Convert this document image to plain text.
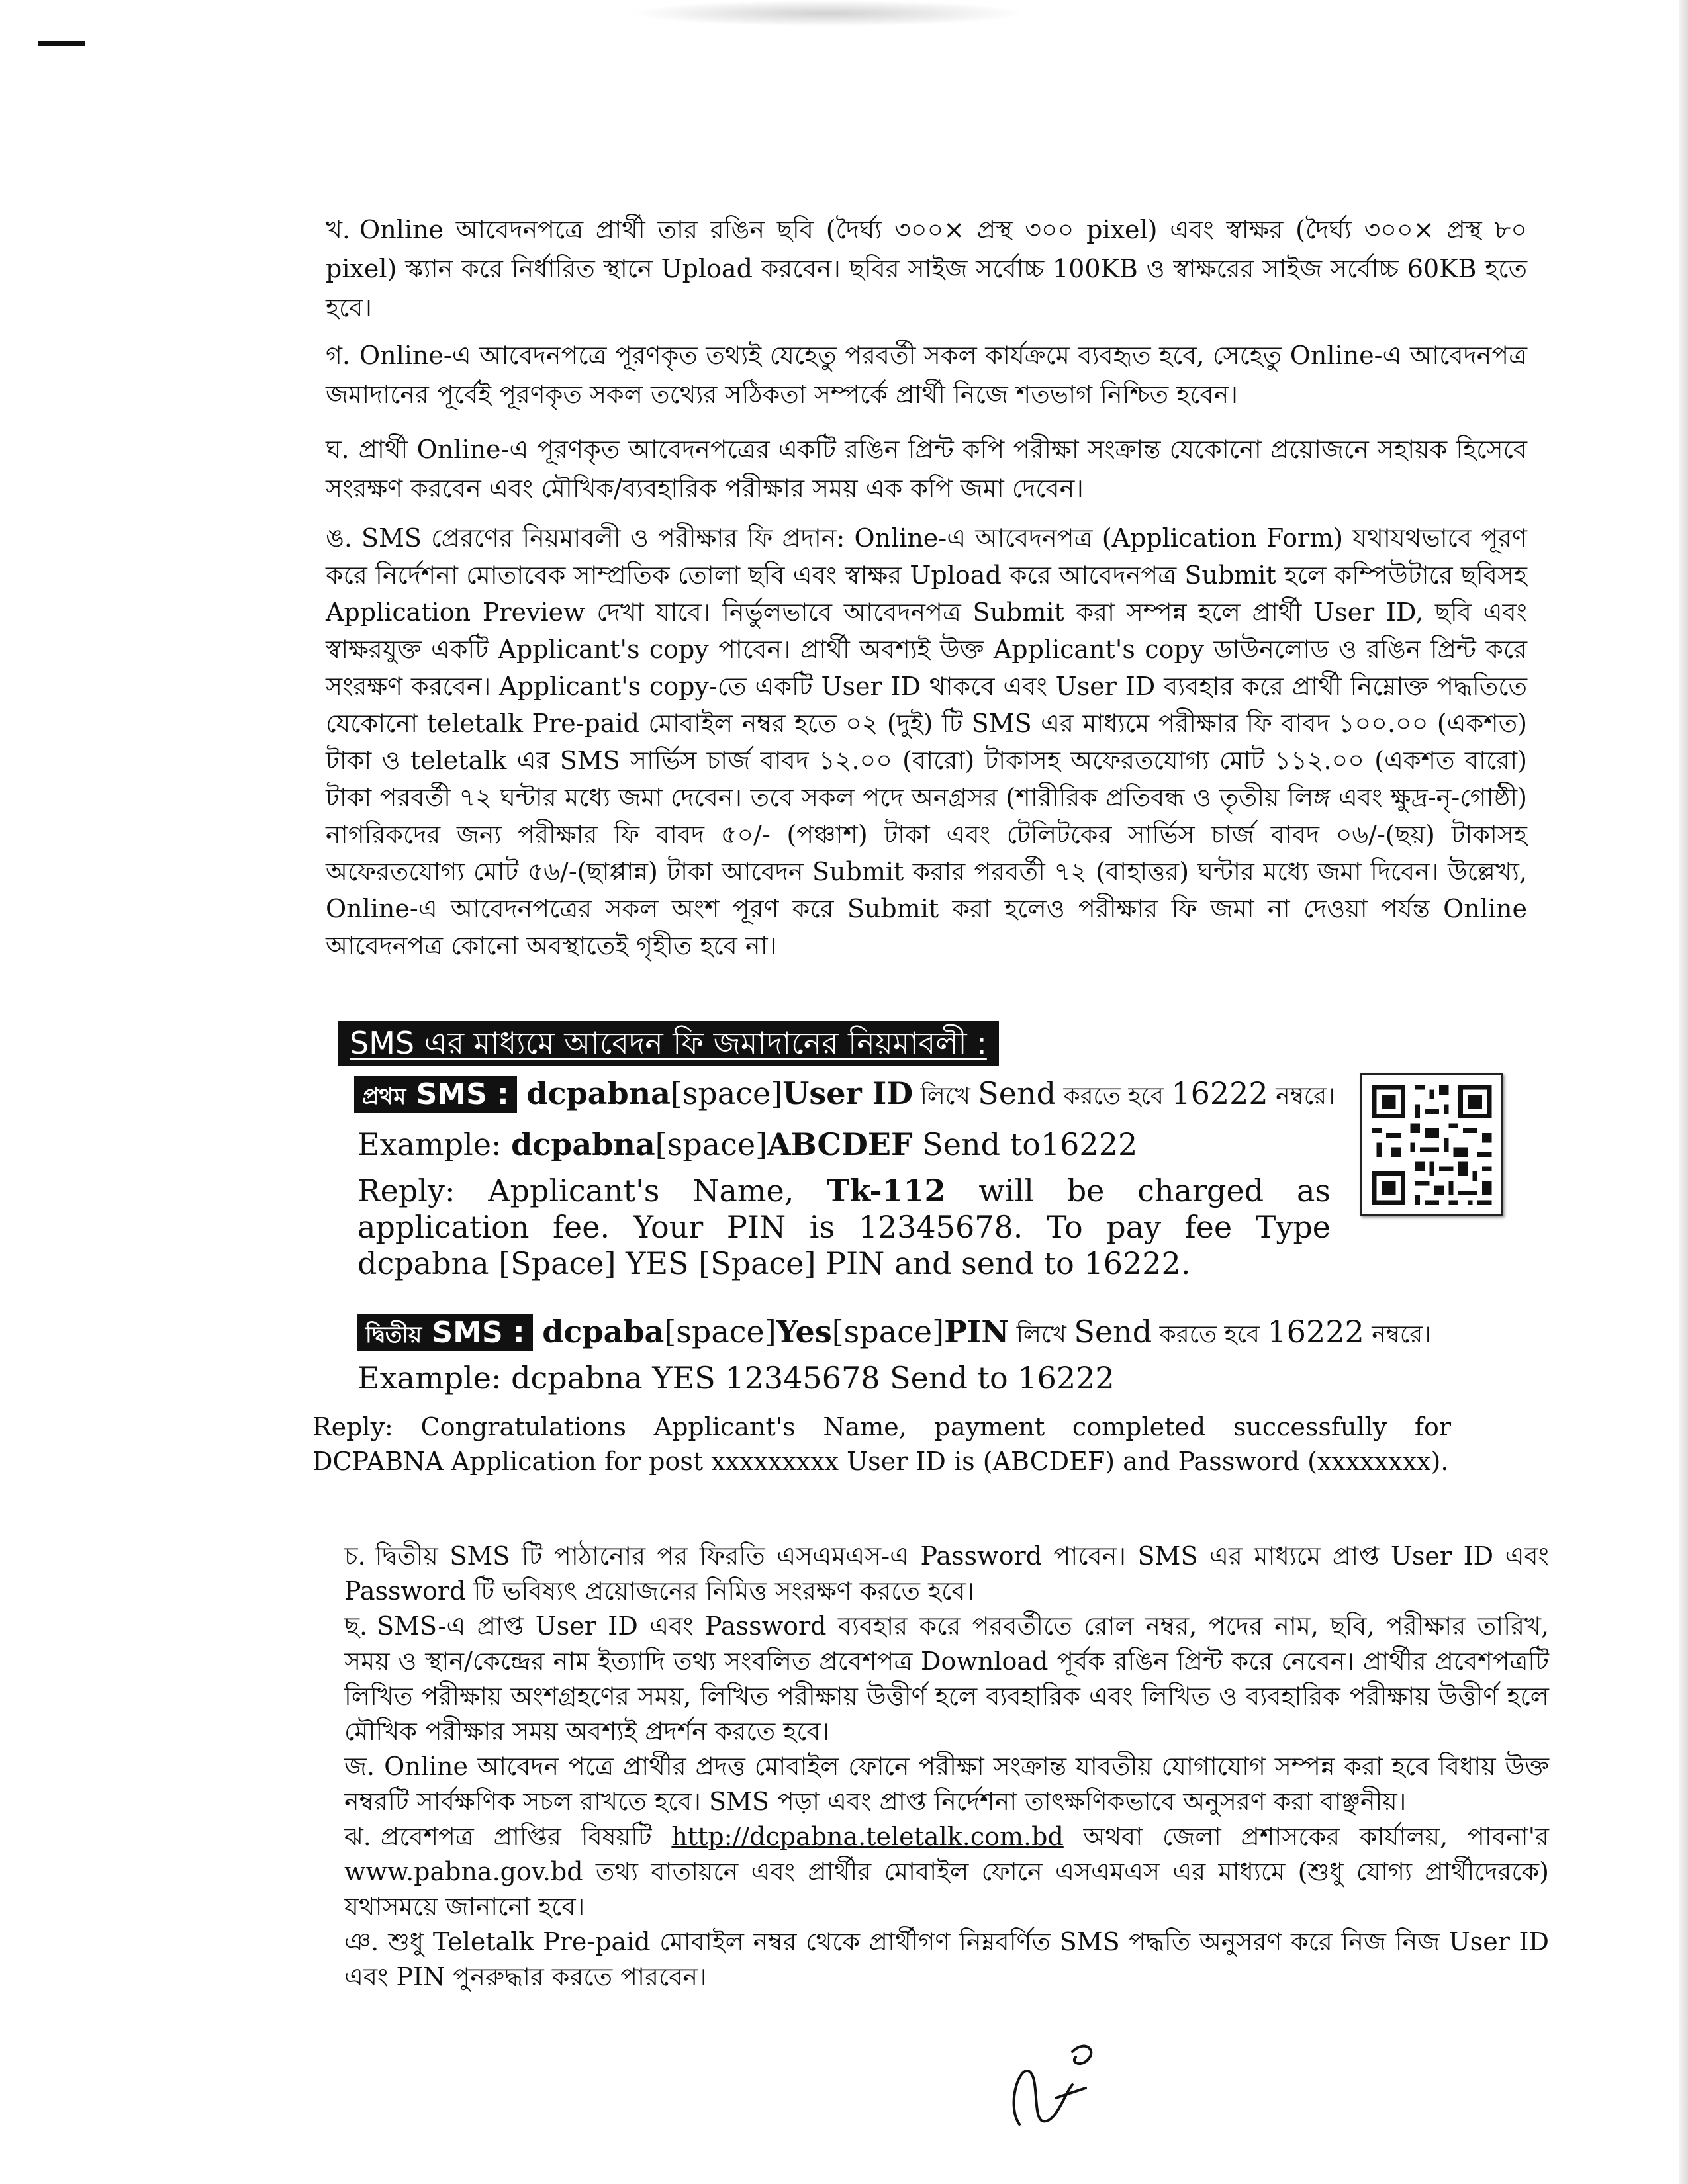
খ. Online আবেদনপত্রে প্রার্থী তার রঙিন ছবি (দৈর্ঘ্য ৩০০× প্রস্থ ৩০০ pixel) এবং স্বাক্ষর (দৈর্ঘ্য ৩০০× প্রস্থ ৮০ pixel) স্ক্যান করে নির্ধারিত স্থানে Upload করবেন। ছবির সাইজ সর্বোচ্চ 100KB ও স্বাক্ষরের সাইজ সর্বোচ্চ 60KB হতে হবে।
গ. Online-এ আবেদনপত্রে পূরণকৃত তথ্যই যেহেতু পরবর্তী সকল কার্যক্রমে ব্যবহৃত হবে, সেহেতু Online-এ আবেদনপত্র জমাদানের পূর্বেই পূরণকৃত সকল তথ্যের সঠিকতা সম্পর্কে প্রার্থী নিজে শতভাগ নিশ্চিত হবেন।
ঘ. প্রার্থী Online-এ পূরণকৃত আবেদনপত্রের একটি রঙিন প্রিন্ট কপি পরীক্ষা সংক্রান্ত যেকোনো প্রয়োজনে সহায়ক হিসেবে সংরক্ষণ করবেন এবং মৌখিক/ব্যবহারিক পরীক্ষার সময় এক কপি জমা দেবেন।
ঙ. SMS প্রেরণের নিয়মাবলী ও পরীক্ষার ফি প্রদান: Online-এ আবেদনপত্র (Application Form) যথাযথভাবে পূরণ করে নির্দেশনা মোতাবেক সাম্প্রতিক তোলা ছবি এবং স্বাক্ষর Upload করে আবেদনপত্র Submit হলে কম্পিউটারে ছবিসহ Application Preview দেখা যাবে। নির্ভুলভাবে আবেদনপত্র Submit করা সম্পন্ন হলে প্রার্থী User ID, ছবি এবং স্বাক্ষরযুক্ত একটি Applicant's copy পাবেন। প্রার্থী অবশ্যই উক্ত Applicant's copy ডাউনলোড ও রঙিন প্রিন্ট করে সংরক্ষণ করবেন। Applicant's copy-তে একটি User ID থাকবে এবং User ID ব্যবহার করে প্রার্থী নিম্নোক্ত পদ্ধতিতে যেকোনো teletalk Pre-paid মোবাইল নম্বর হতে ০২ (দুই) টি SMS এর মাধ্যমে পরীক্ষার ফি বাবদ ১০০.০০ (একশত) টাকা ও teletalk এর SMS সার্ভিস চার্জ বাবদ ১২.০০ (বারো) টাকাসহ অফেরতযোগ্য মোট ১১২.০০ (একশত বারো) টাকা পরবর্তী ৭২ ঘন্টার মধ্যে জমা দেবেন। তবে সকল পদে অনগ্রসর (শারীরিক প্রতিবন্ধ ও তৃতীয় লিঙ্গ এবং ক্ষুদ্র-নৃ-গোষ্ঠী) নাগরিকদের জন্য পরীক্ষার ফি বাবদ ৫০/- (পঞ্চাশ) টাকা এবং টেলিটকের সার্ভিস চার্জ বাবদ ০৬/-(ছয়) টাকাসহ অফেরতযোগ্য মোট ৫৬/-(ছাপ্পান্ন) টাকা আবেদন Submit করার পরবর্তী ৭২ (বাহাত্তর) ঘন্টার মধ্যে জমা দিবেন। উল্লেখ্য, Online-এ আবেদনপত্রের সকল অংশ পূরণ করে Submit করা হলেও পরীক্ষার ফি জমা না দেওয়া পর্যন্ত Online আবেদনপত্র কোনো অবস্থাতেই গৃহীত হবে না।
SMS এর মাধ্যমে আবেদন ফি জমাদানের নিয়মাবলী :
প্রথম SMS : dcpabna[space]User ID লিখে Send করতে হবে 16222 নম্বরে।
Example: dcpabna[space]ABCDEF Send to16222
Reply: Applicant's Name, Tk-112 will be charged as application fee. Your PIN is 12345678. To pay fee Type dcpabna [Space] YES [Space] PIN and send to 16222.
দ্বিতীয় SMS : dcpaba[space]Yes[space]PIN লিখে Send করতে হবে 16222 নম্বরে।
Example: dcpabna YES 12345678 Send to 16222
Reply: Congratulations Applicant's Name, payment completed successfully for DCPABNA Application for post xxxxxxxxx User ID is (ABCDEF) and Password (xxxxxxxx).

চ. দ্বিতীয় SMS টি পাঠানোর পর ফিরতি এসএমএস-এ Password পাবেন। SMS এর মাধ্যমে প্রাপ্ত User ID এবং Password টি ভবিষ্যৎ প্রয়োজনের নিমিত্ত সংরক্ষণ করতে হবে।

ছ. SMS-এ প্রাপ্ত User ID এবং Password ব্যবহার করে পরবর্তীতে রোল নম্বর, পদের নাম, ছবি, পরীক্ষার তারিখ, সময় ও স্থান/কেন্দ্রের নাম ইত্যাদি তথ্য সংবলিত প্রবেশপত্র Download পূর্বক রঙিন প্রিন্ট করে নেবেন। প্রার্থীর প্রবেশপত্রটি লিখিত পরীক্ষায় অংশগ্রহণের সময়, লিখিত পরীক্ষায় উত্তীর্ণ হলে ব্যবহারিক এবং লিখিত ও ব্যবহারিক পরীক্ষায় উত্তীর্ণ হলে মৌখিক পরীক্ষার সময় অবশ্যই প্রদর্শন করতে হবে।

জ. Online আবেদন পত্রে প্রার্থীর প্রদত্ত মোবাইল ফোনে পরীক্ষা সংক্রান্ত যাবতীয় যোগাযোগ সম্পন্ন করা হবে বিধায় উক্ত নম্বরটি সার্বক্ষণিক সচল রাখতে হবে। SMS পড়া এবং প্রাপ্ত নির্দেশনা তাৎক্ষণিকভাবে অনুসরণ করা বাঞ্ছনীয়।

ঝ. প্রবেশপত্র প্রাপ্তির বিষয়টি http://dcpabna.teletalk.com.bd অথবা জেলা প্রশাসকের কার্যালয়, পাবনা'র www.pabna.gov.bd তথ্য বাতায়নে এবং প্রার্থীর মোবাইল ফোনে এসএমএস এর মাধ্যমে (শুধু যোগ্য প্রার্থীদেরকে) যথাসময়ে জানানো হবে।

ঞ. শুধু Teletalk Pre-paid মোবাইল নম্বর থেকে প্রার্থীগণ নিম্নবর্ণিত SMS পদ্ধতি অনুসরণ করে নিজ নিজ User ID এবং PIN পুনরুদ্ধার করতে পারবেন।
